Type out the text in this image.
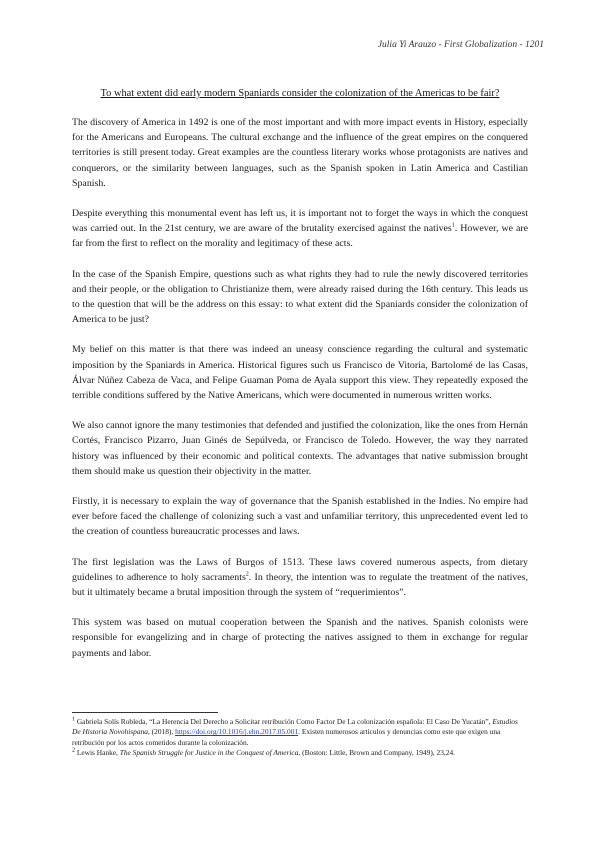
Julia Yi Arauzo - First Globalization - 1201
To what extent did early modern Spaniards consider the colonization of the Americas to be fair?

The discovery of America in 1492 is one of the most important and with more impact events in History, especially for the Americans and Europeans. The cultural exchange and the influence of the great empires on the conquered territories is still present today. Great examples are the countless literary works whose protagonists are natives and conquerors, or the similarity between languages, such as the Spanish spoken in Latin America and Castilian Spanish.

Despite everything this monumental event has left us, it is important not to forget the ways in which the conquest was carried out. In the 21st century, we are aware of the brutality exercised against the natives$^1$. However, we are far from the first to reflect on the morality and legitimacy of these acts.

In the case of the Spanish Empire, questions such as what rights they had to rule the newly discovered territories and their people, or the obligation to Christianize them, were already raised during the 16th century. This leads us to the question that will be the address on this essay: to what extent did the Spaniards consider the colonization of America to be just?

My belief on this matter is that there was indeed an uneasy conscience regarding the cultural and systematic imposition by the Spaniards in America. Historical figures such us Francisco de Vitoria, Bartolomé de las Casas, Álvar Núñez Cabeza de Vaca, and Felipe Guaman Poma de Ayala support this view. They repeatedly exposed the terrible conditions suffered by the Native Americans, which were documented in numerous written works.

We also cannot ignore the many testimonies that defended and justified the colonization, like the ones from Hernán Cortés, Francisco Pizarro, Juan Ginés de Sepúlveda, or Francisco de Toledo. However, the way they narrated history was influenced by their economic and political contexts. The advantages that native submission brought them should make us question their objectivity in the matter.

Firstly, it is necessary to explain the way of governance that the Spanish established in the Indies. No empire had ever before faced the challenge of colonizing such a vast and unfamiliar territory, this unprecedented event led to the creation of countless bureaucratic processes and laws.

The first legislation was the Laws of Burgos of 1513. These laws covered numerous aspects, from dietary guidelines to adherence to holy sacraments$^2$. In theory, the intention was to regulate the treatment of the natives, but it ultimately became a brutal imposition through the system of “requerimientos”.

This system was based on mutual cooperation between the Spanish and the natives. Spanish colonists were responsible for evangelizing and in charge of protecting the natives assigned to them in exchange for regular payments and labor.

$^1$ Gabriela Solís Robleda, “La Herencia Del Derecho a Solicitar retribución Como Factor De La colonización española: El Caso De Yucatán”, Estudios De Historia Novohispana, (2018), https://doi.org/10.1016/j.ehn.2017.05.001. Existen numerosos artículos y denuncias como este que exigen una retribución por los actos cometidos durante la colonización.

$^2$ Lewis Hanke, The Spanish Struggle for Justice in the Conquest of America, (Boston: Little, Brown and Company, 1949), 23,24.
